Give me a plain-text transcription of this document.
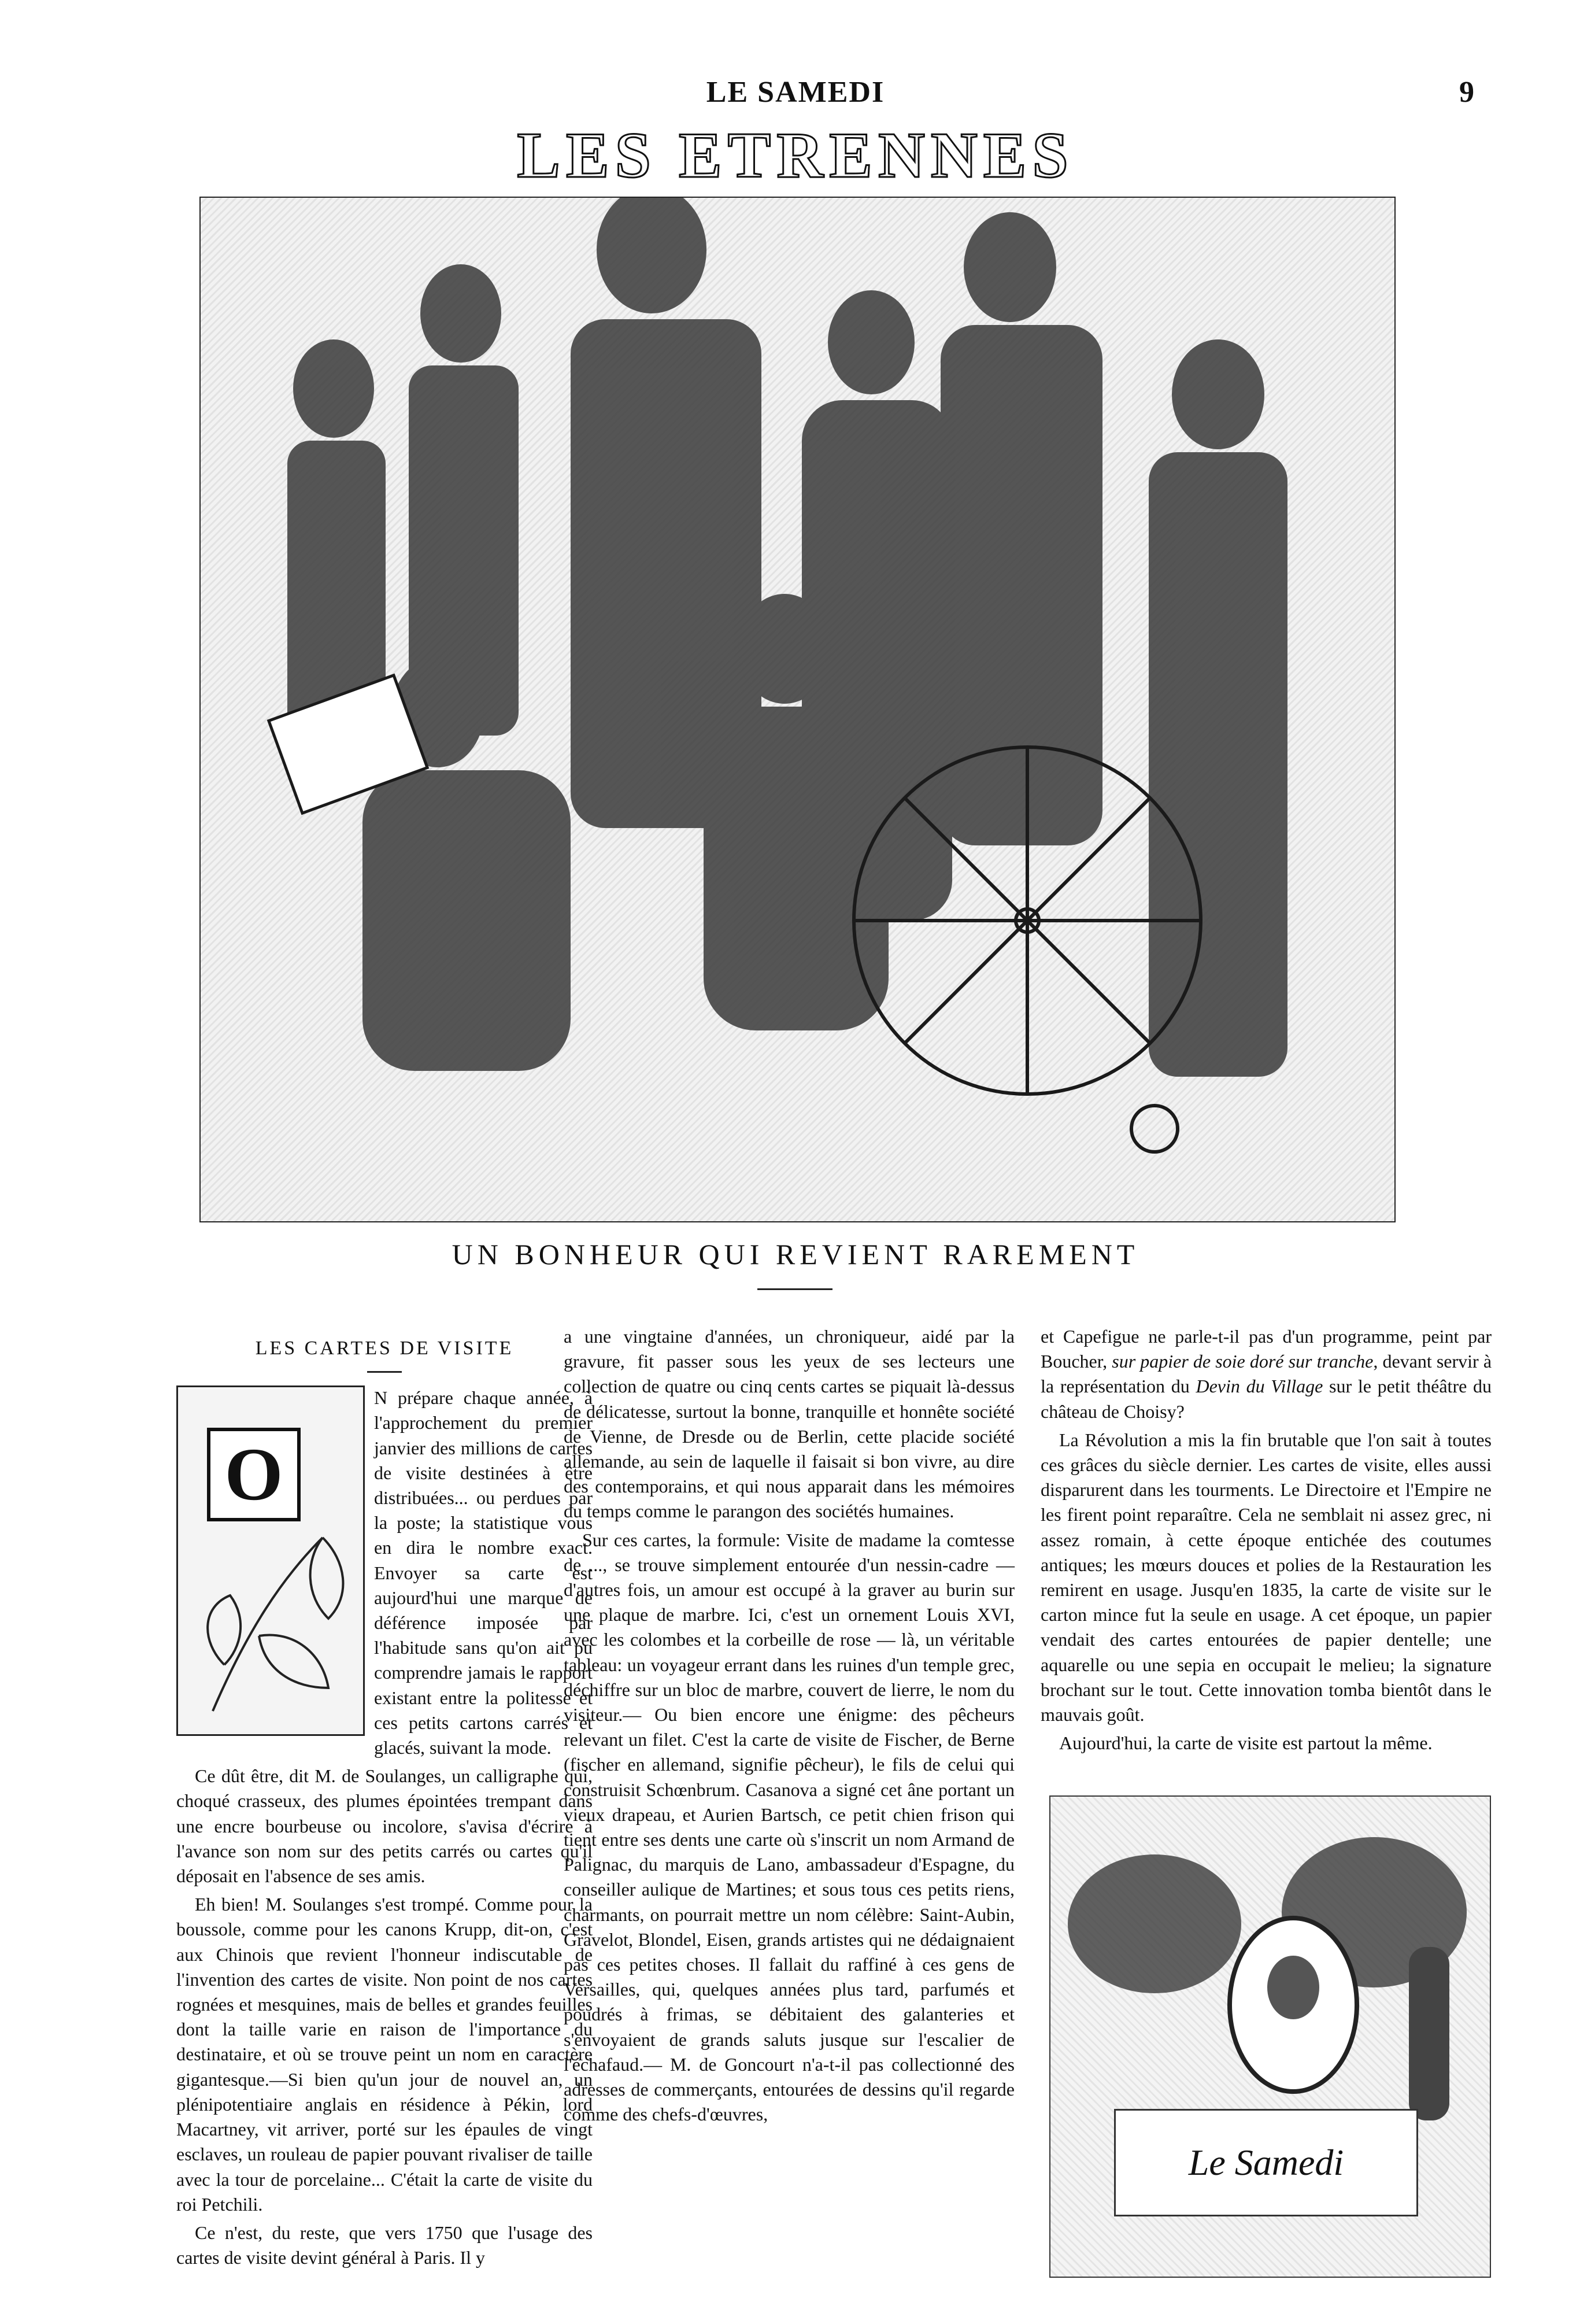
LE SAMEDI	9
LES ETRENNES
UN BONHEUR QUI REVIENT RAREMENT
LES CARTES DE VISITE
O

N prépare chaque année, à l'approchement du premier janvier des millions de cartes de visite destinées à être distribuées... ou perdues par la poste; la statistique vous en dira le nombre exact. Envoyer sa carte est aujourd'hui une marque de déférence imposée par l'habitude sans qu'on ait pu comprendre jamais le rapport existant entre la politesse et ces petits cartons carrés et glacés, suivant la mode.

Ce dût être, dit M. de Soulanges, un calligraphe qui, choqué crasseux, des plumes épointées trempant dans une encre bourbeuse ou incolore, s'avisa d'écrire à l'avance son nom sur des petits carrés ou cartes qu'il déposait en l'absence de ses amis.

Eh bien! M. Soulanges s'est trompé. Comme pour la boussole, comme pour les canons Krupp, dit-on, c'est aux Chinois que revient l'honneur indiscutable de l'invention des cartes de visite. Non point de nos cartes rognées et mesquines, mais de belles et grandes feuilles dont la taille varie en raison de l'importance du destinataire, et où se trouve peint un nom en caractère gigantesque.—Si bien qu'un jour de nouvel an, un plénipotentiaire anglais en résidence à Pékin, lord Macartney, vit arriver, porté sur les épaules de vingt esclaves, un rouleau de papier pouvant rivaliser de taille avec la tour de porcelaine... C'était la carte de visite du roi Petchili.

Ce n'est, du reste, que vers 1750 que l'usage des cartes de visite devint général à Paris. Il y

a une vingtaine d'années, un chroniqueur, aidé par la gravure, fit passer sous les yeux de ses lecteurs une collection de quatre ou cinq cents cartes se piquait là-dessus de délicatesse, surtout la bonne, tranquille et honnête société de Vienne, de Dresde ou de Berlin, cette placide société allemande, au sein de laquelle il faisait si bon vivre, au dire des contemporains, et qui nous apparait dans les mémoires du temps comme le parangon des sociétés humaines.

Sur ces cartes, la formule: Visite de madame la comtesse de ..., se trouve simplement entourée d'un nessin-cadre — d'autres fois, un amour est occupé à la graver au burin sur une plaque de marbre. Ici, c'est un ornement Louis XVI, avec les colombes et la corbeille de rose — là, un véritable tableau: un voyageur errant dans les ruines d'un temple grec, déchiffre sur un bloc de marbre, couvert de lierre, le nom du visiteur.— Ou bien encore une énigme: des pêcheurs relevant un filet. C'est la carte de visite de Fischer, de Berne (fischer en allemand, signifie pêcheur), le fils de celui qui construisit Schœnbrum. Casanova a signé cet âne portant un vieux drapeau, et Aurien Bartsch, ce petit chien frison qui tient entre ses dents une carte où s'inscrit un nom Armand de Palignac, du marquis de Lano, ambassadeur d'Espagne, du conseiller aulique de Martines; et sous tous ces petits riens, charmants, on pourrait mettre un nom célèbre: Saint-Aubin, Gravelot, Blondel, Eisen, grands artistes qui ne dédaignaient pas ces petites choses. Il fallait du raffiné à ces gens de Versailles, qui, quelques années plus tard, parfumés et poudrés à frimas, se débitaient des galanteries et s'envoyaient de grands saluts jusque sur l'escalier de l'échafaud.— M. de Goncourt n'a-t-il pas collectionné des adresses de commerçants, entourées de dessins qu'il regarde comme des chefs-d'œuvres,

et Capefigue ne parle-t-il pas d'un programme, peint par Boucher, sur papier de soie doré sur tranche, devant servir à la représentation du Devin du Village sur le petit théâtre du château de Choisy?

La Révolution a mis la fin brutable que l'on sait à toutes ces grâces du siècle dernier. Les cartes de visite, elles aussi disparurent dans les tourments. Le Directoire et l'Empire ne les firent point reparaître. Cela ne semblait ni assez grec, ni assez romain, à cette époque entichée des coutumes antiques; les mœurs douces et polies de la Restauration les remirent en usage. Jusqu'en 1835, la carte de visite sur le carton mince fut la seule en usage. A cet époque, un papier vendait des cartes entourées de papier dentelle; une aquarelle ou une sepia en occupait le melieu; la signature brochant sur le tout. Cette innovation tomba bientôt dans le mauvais goût.

Aujourd'hui, la carte de visite est partout la même.

Le Samedi
